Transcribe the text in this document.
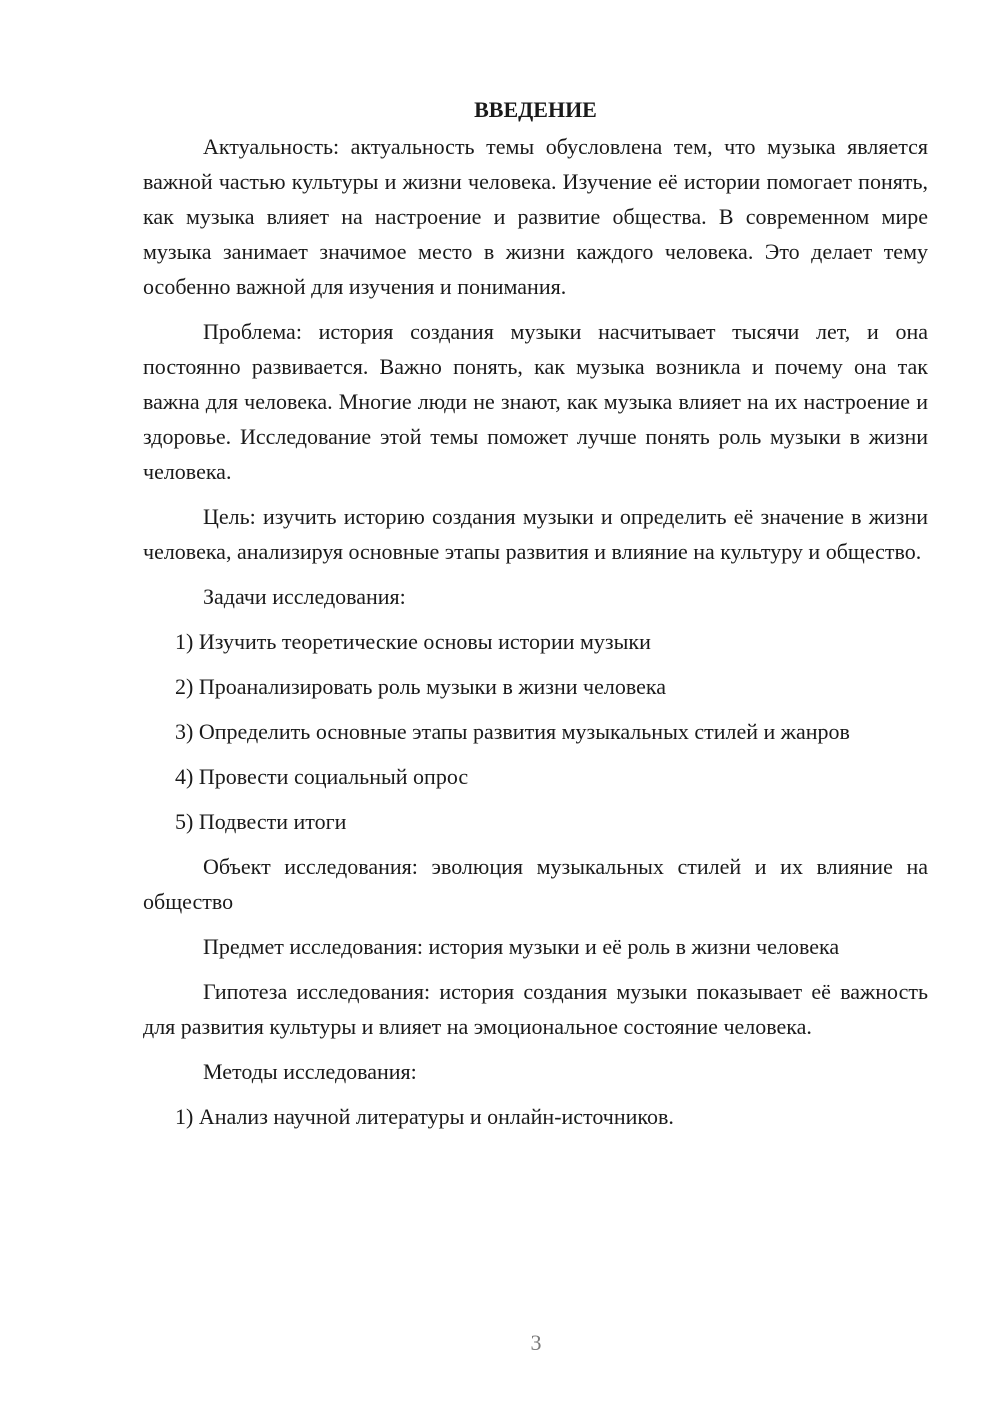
ВВЕДЕНИЕ

Актуальность: актуальность темы обусловлена тем, что музыка является важной частью культуры и жизни человека. Изучение её истории помогает понять, как музыка влияет на настроение и развитие общества. В современном мире музыка занимает значимое место в жизни каждого человека. Это делает тему особенно важной для изучения и понимания.

Проблема: история создания музыки насчитывает тысячи лет, и она постоянно развивается. Важно понять, как музыка возникла и почему она так важна для человека. Многие люди не знают, как музыка влияет на их настроение и здоровье. Исследование этой темы поможет лучше понять роль музыки в жизни человека.

Цель: изучить историю создания музыки и определить её значение в жизни человека, анализируя основные этапы развития и влияние на культуру и общество.

Задачи исследования:

1) Изучить теоретические основы истории музыки

2) Проанализировать роль музыки в жизни человека

3) Определить основные этапы развития музыкальных стилей и жанров

4) Провести социальный опрос

5) Подвести итоги

Объект исследования: эволюция музыкальных стилей и их влияние на общество

Предмет исследования: история музыки и её роль в жизни человека

Гипотеза исследования: история создания музыки показывает её важность для развития культуры и влияет на эмоциональное состояние человека.

Методы исследования:

1) Анализ научной литературы и онлайн-источников.

3
